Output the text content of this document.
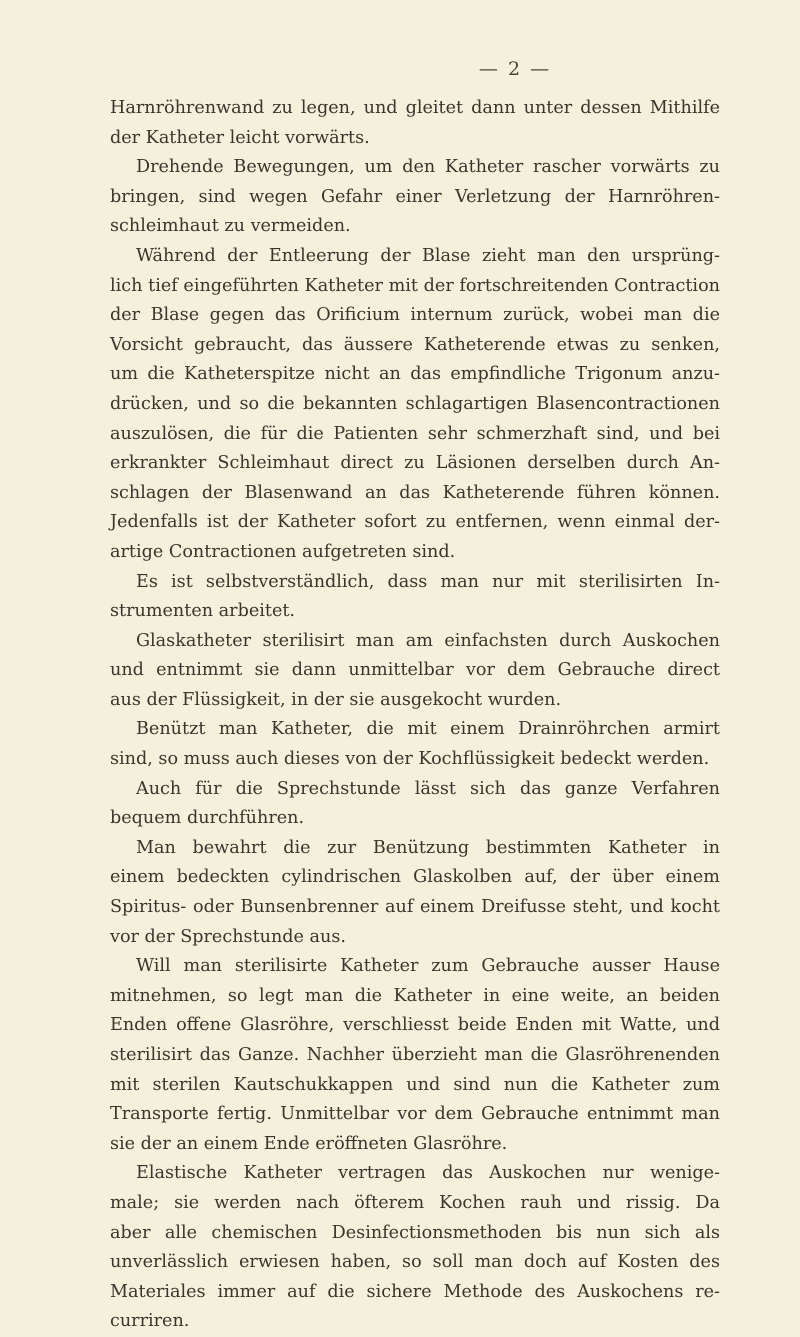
— 2 —
Harnröhrenwand zu legen, und gleitet dann unter dessen Mithilfe
der Katheter leicht vorwärts.
Drehende Bewegungen, um den Katheter rascher vorwärts zu
bringen, sind wegen Gefahr einer Verletzung der Harnröhren-
schleimhaut zu vermeiden.
Während der Entleerung der Blase zieht man den ursprüng-
lich tief eingeführten Katheter mit der fortschreitenden Contraction
der Blase gegen das Orificium internum zurück, wobei man die
Vorsicht gebraucht, das äussere Katheterende etwas zu senken,
um die Katheterspitze nicht an das empfindliche Trigonum anzu-
drücken, und so die bekannten schlagartigen Blasencontractionen
auszulösen, die für die Patienten sehr schmerzhaft sind, und bei
erkrankter Schleimhaut direct zu Läsionen derselben durch An-
schlagen der Blasenwand an das Katheterende führen können.
Jedenfalls ist der Katheter sofort zu entfernen, wenn einmal der-
artige Contractionen aufgetreten sind.
Es ist selbstverständlich, dass man nur mit sterilisirten In-
strumenten arbeitet.
Glaskatheter sterilisirt man am einfachsten durch Auskochen
und entnimmt sie dann unmittelbar vor dem Gebrauche direct
aus der Flüssigkeit, in der sie ausgekocht wurden.
Benützt man Katheter, die mit einem Drainröhrchen armirt
sind, so muss auch dieses von der Kochflüssigkeit bedeckt werden.
Auch für die Sprechstunde lässt sich das ganze Verfahren
bequem durchführen.
Man bewahrt die zur Benützung bestimmten Katheter in
einem bedeckten cylindrischen Glaskolben auf, der über einem
Spiritus- oder Bunsenbrenner auf einem Dreifusse steht, und kocht
vor der Sprechstunde aus.
Will man sterilisirte Katheter zum Gebrauche ausser Hause
mitnehmen, so legt man die Katheter in eine weite, an beiden
Enden offene Glasröhre, verschliesst beide Enden mit Watte, und
sterilisirt das Ganze. Nachher überzieht man die Glasröhrenenden
mit sterilen Kautschukkappen und sind nun die Katheter zum
Transporte fertig. Unmittelbar vor dem Gebrauche entnimmt man
sie der an einem Ende eröffneten Glasröhre.
Elastische Katheter vertragen das Auskochen nur wenige-
male; sie werden nach öfterem Kochen rauh und rissig. Da
aber alle chemischen Desinfectionsmethoden bis nun sich als
unverlässlich erwiesen haben, so soll man doch auf Kosten des
Materiales immer auf die sichere Methode des Auskochens re-
curriren.
